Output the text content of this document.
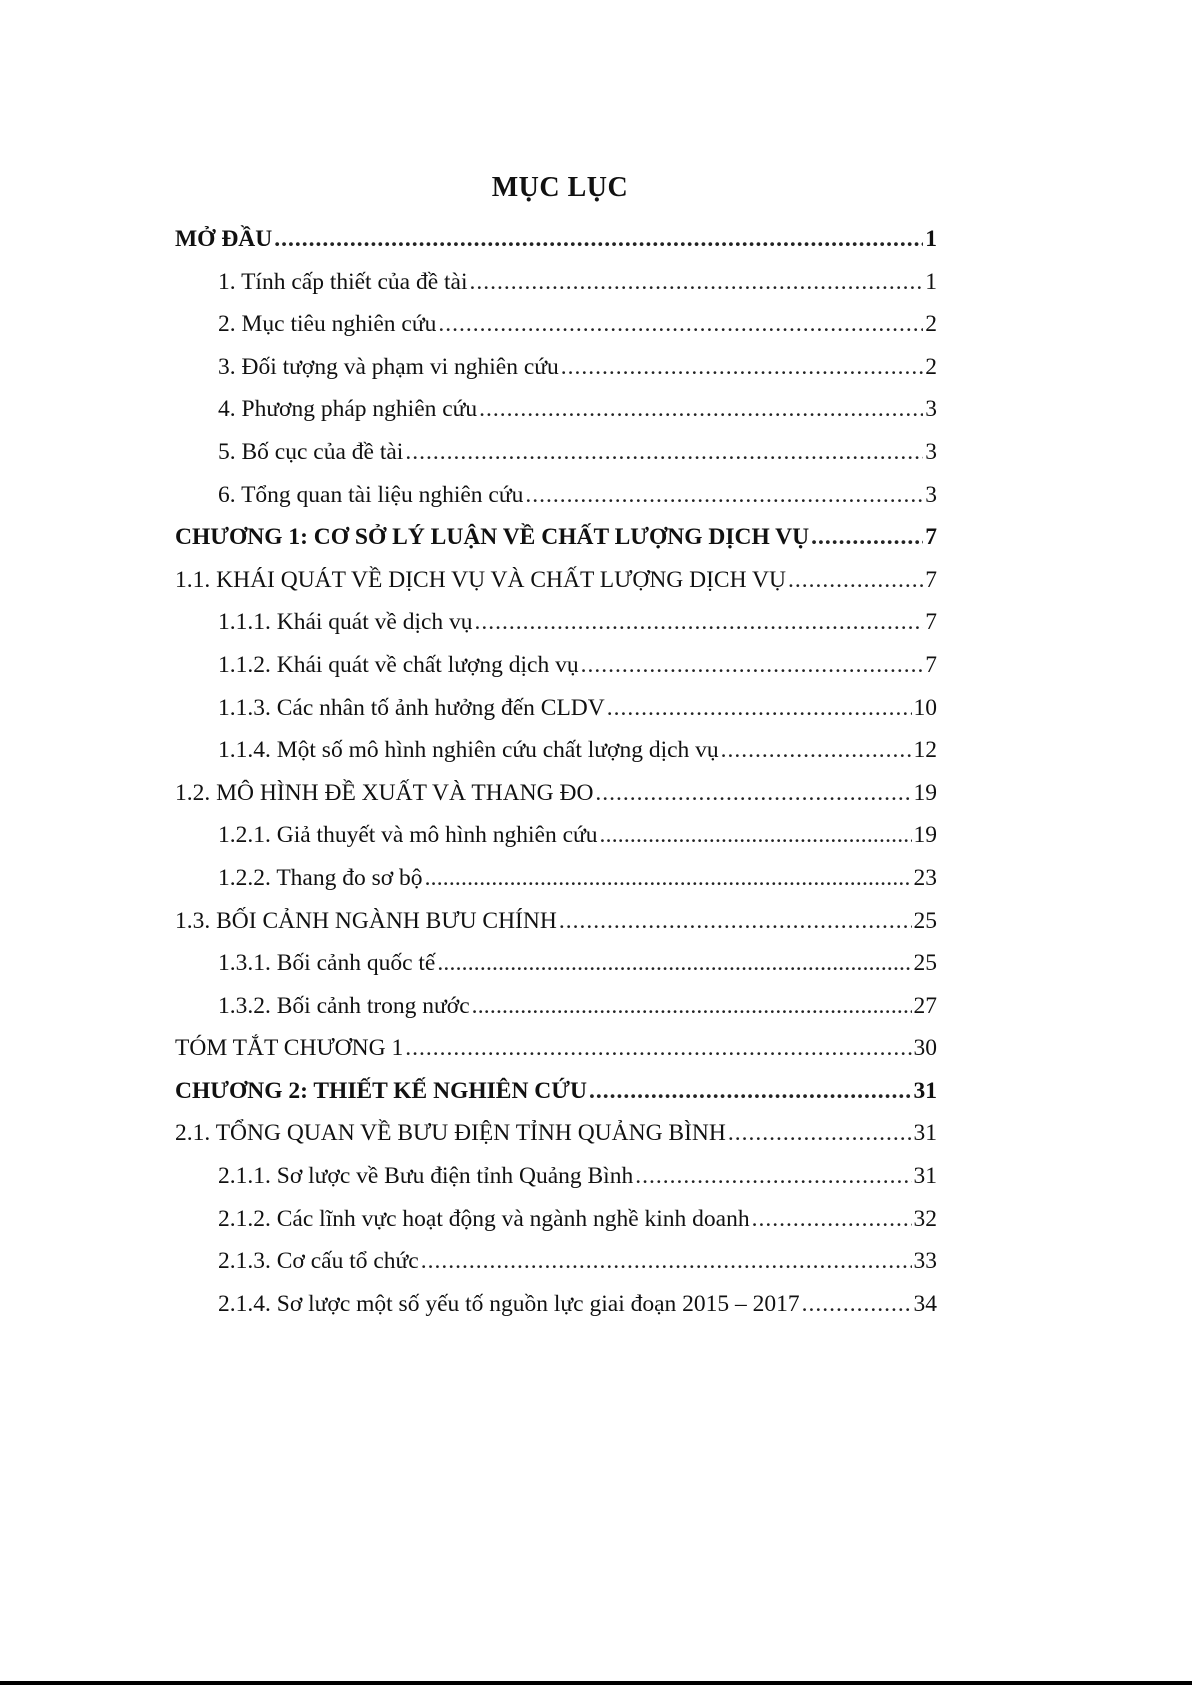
MỤC LỤC
MỞ ĐẦU .....	1
1. Tính cấp thiết của đề tài .....	1
2. Mục tiêu nghiên cứu .....	2
3. Đối tượng và phạm vi nghiên cứu .....	2
4. Phương pháp nghiên cứu .....	3
5. Bố cục của đề tài .....	3
6. Tổng quan tài liệu nghiên cứu .....	3
CHƯƠNG 1: CƠ SỞ LÝ LUẬN VỀ CHẤT LƯỢNG DỊCH VỤ .....	7
1.1. KHÁI QUÁT VỀ DỊCH VỤ VÀ CHẤT LƯỢNG DỊCH VỤ .....	7
1.1.1. Khái quát về dịch vụ .....	7
1.1.2. Khái quát về chất lượng dịch vụ .....	7
1.1.3. Các nhân tố ảnh hưởng đến CLDV .....	10
1.1.4. Một số mô hình nghiên cứu chất lượng dịch vụ .....	12
1.2. MÔ HÌNH ĐỀ XUẤT VÀ THANG ĐO .....	19
1.2.1. Giả thuyết và mô hình nghiên cứu .....	19
1.2.2. Thang đo sơ bộ .....	23
1.3. BỐI CẢNH NGÀNH BƯU CHÍNH .....	25
1.3.1. Bối cảnh quốc tế .....	25
1.3.2. Bối cảnh trong nước .....	27
TÓM TẮT CHƯƠNG 1 .....	30
CHƯƠNG 2: THIẾT KẾ NGHIÊN CỨU .....	31
2.1. TỔNG QUAN VỀ BƯU ĐIỆN TỈNH QUẢNG BÌNH .....	31
2.1.1. Sơ lược về Bưu điện tỉnh Quảng Bình .....	31
2.1.2. Các lĩnh vực hoạt động và ngành nghề kinh doanh .....	32
2.1.3. Cơ cấu tổ chức .....	33
2.1.4. Sơ lược một số yếu tố nguồn lực giai đoạn 2015 – 2017 .....	34
